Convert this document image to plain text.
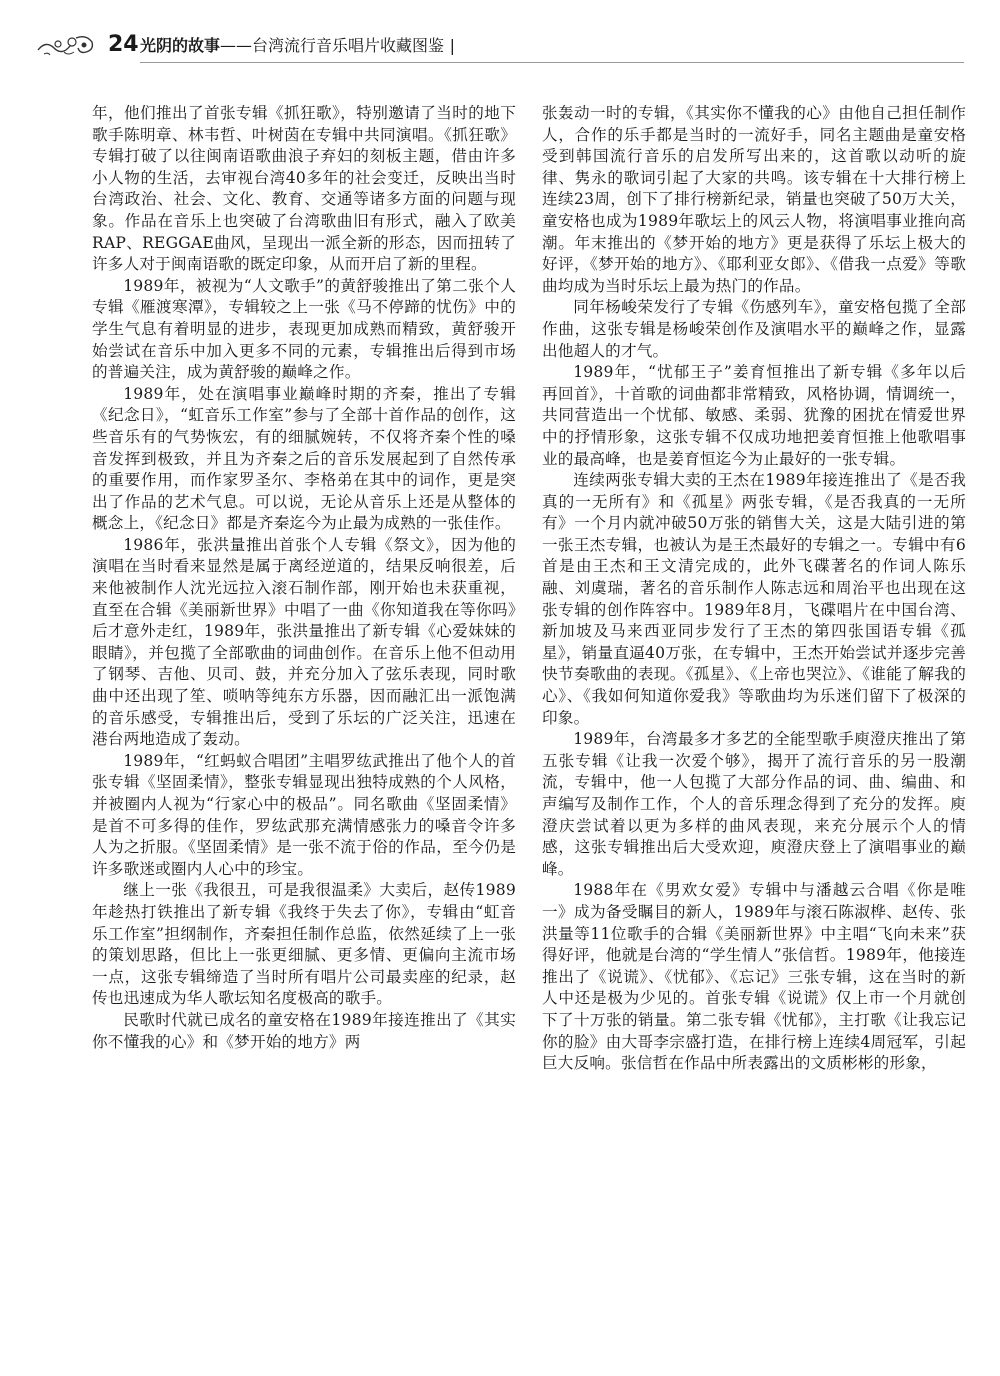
24 光阴的故事——台湾流行音乐唱片收藏图鉴 |

年，他们推出了首张专辑《抓狂歌》，特别邀请了当时的地下歌手陈明章、林韦哲、叶树茵在专辑中共同演唱。《抓狂歌》专辑打破了以往闽南语歌曲浪子弃妇的刻板主题，借由许多小人物的生活，去审视台湾40多年的社会变迁，反映出当时台湾政治、社会、文化、教育、交通等诸多方面的问题与现象。作品在音乐上也突破了台湾歌曲旧有形式，融入了欧美RAP、REGGAE曲风，呈现出一派全新的形态，因而扭转了许多人对于闽南语歌的既定印象，从而开启了新的里程。

1989年，被视为“人文歌手”的黄舒骏推出了第二张个人专辑《雁渡寒潭》，专辑较之上一张《马不停蹄的忧伤》中的学生气息有着明显的进步，表现更加成熟而精致，黄舒骏开始尝试在音乐中加入更多不同的元素，专辑推出后得到市场的普遍关注，成为黄舒骏的巅峰之作。

1989年，处在演唱事业巅峰时期的齐秦，推出了专辑《纪念日》，“虹音乐工作室”参与了全部十首作品的创作，这些音乐有的气势恢宏，有的细腻婉转，不仅将齐秦个性的嗓音发挥到极致，并且为齐秦之后的音乐发展起到了自然传承的重要作用，而作家罗圣尔、李格弟在其中的词作，更是突出了作品的艺术气息。可以说，无论从音乐上还是从整体的概念上，《纪念日》都是齐秦迄今为止最为成熟的一张佳作。

1986年，张洪量推出首张个人专辑《祭文》，因为他的演唱在当时看来显然是属于离经逆道的，结果反响很差，后来他被制作人沈光远拉入滚石制作部，刚开始也未获重视，直至在合辑《美丽新世界》中唱了一曲《你知道我在等你吗》后才意外走红，1989年，张洪量推出了新专辑《心爱妹妹的眼睛》，并包揽了全部歌曲的词曲创作。在音乐上他不但动用了钢琴、吉他、贝司、鼓，并充分加入了弦乐表现，同时歌曲中还出现了笙、唢呐等纯东方乐器，因而融汇出一派饱满的音乐感受，专辑推出后，受到了乐坛的广泛关注，迅速在港台两地造成了轰动。

1989年，“红蚂蚁合唱团”主唱罗纮武推出了他个人的首张专辑《坚固柔情》，整张专辑显现出独特成熟的个人风格，并被圈内人视为“行家心中的极品”。同名歌曲《坚固柔情》是首不可多得的佳作，罗纮武那充满情感张力的嗓音令许多人为之折服。《坚固柔情》是一张不流于俗的作品，至今仍是许多歌迷或圈内人心中的珍宝。

继上一张《我很丑，可是我很温柔》大卖后，赵传1989年趁热打铁推出了新专辑《我终于失去了你》，专辑由“虹音乐工作室”担纲制作，齐秦担任制作总监，依然延续了上一张的策划思路，但比上一张更细腻、更多情、更偏向主流市场一点，这张专辑缔造了当时所有唱片公司最卖座的纪录，赵传也迅速成为华人歌坛知名度极高的歌手。

民歌时代就已成名的童安格在1989年接连推出了《其实你不懂我的心》和《梦开始的地方》两

张轰动一时的专辑，《其实你不懂我的心》由他自己担任制作人，合作的乐手都是当时的一流好手，同名主题曲是童安格受到韩国流行音乐的启发所写出来的，这首歌以动听的旋律、隽永的歌词引起了大家的共鸣。该专辑在十大排行榜上连续23周，创下了排行榜新纪录，销量也突破了50万大关，童安格也成为1989年歌坛上的风云人物，将演唱事业推向高潮。年末推出的《梦开始的地方》更是获得了乐坛上极大的好评，《梦开始的地方》、《耶利亚女郎》、《借我一点爱》等歌曲均成为当时乐坛上最为热门的作品。

同年杨峻荣发行了专辑《伤感列车》，童安格包揽了全部作曲，这张专辑是杨峻荣创作及演唱水平的巅峰之作，显露出他超人的才气。

1989年，“忧郁王子”姜育恒推出了新专辑《多年以后　再回首》，十首歌的词曲都非常精致，风格协调，情调统一，共同营造出一个忧郁、敏感、柔弱、犹豫的困扰在情爱世界中的抒情形象，这张专辑不仅成功地把姜育恒推上他歌唱事业的最高峰，也是姜育恒迄今为止最好的一张专辑。

连续两张专辑大卖的王杰在1989年接连推出了《是否我真的一无所有》和《孤星》两张专辑，《是否我真的一无所有》一个月内就冲破50万张的销售大关，这是大陆引进的第一张王杰专辑，也被认为是王杰最好的专辑之一。专辑中有6首是由王杰和王文清完成的，此外飞碟著名的作词人陈乐融、刘虞瑞，著名的音乐制作人陈志远和周治平也出现在这张专辑的创作阵容中。1989年8月，飞碟唱片在中国台湾、新加坡及马来西亚同步发行了王杰的第四张国语专辑《孤星》，销量直逼40万张，在专辑中，王杰开始尝试并逐步完善快节奏歌曲的表现。《孤星》、《上帝也哭泣》、《谁能了解我的心》、《我如何知道你爱我》等歌曲均为乐迷们留下了极深的印象。

1989年，台湾最多才多艺的全能型歌手庾澄庆推出了第五张专辑《让我一次爱个够》，揭开了流行音乐的另一股潮流，专辑中，他一人包揽了大部分作品的词、曲、编曲、和声编写及制作工作，个人的音乐理念得到了充分的发挥。庾澄庆尝试着以更为多样的曲风表现，来充分展示个人的情感，这张专辑推出后大受欢迎，庾澄庆登上了演唱事业的巅峰。

1988年在《男欢女爱》专辑中与潘越云合唱《你是唯一》成为备受瞩目的新人，1989年与滚石陈淑桦、赵传、张洪量等11位歌手的合辑《美丽新世界》中主唱“飞向未来”获得好评，他就是台湾的“学生情人”张信哲。1989年，他接连推出了《说谎》、《忧郁》、《忘记》三张专辑，这在当时的新人中还是极为少见的。首张专辑《说谎》仅上市一个月就创下了十万张的销量。第二张专辑《忧郁》，主打歌《让我忘记你的脸》由大哥李宗盛打造，在排行榜上连续4周冠军，引起巨大反响。张信哲在作品中所表露出的文质彬彬的形象，
